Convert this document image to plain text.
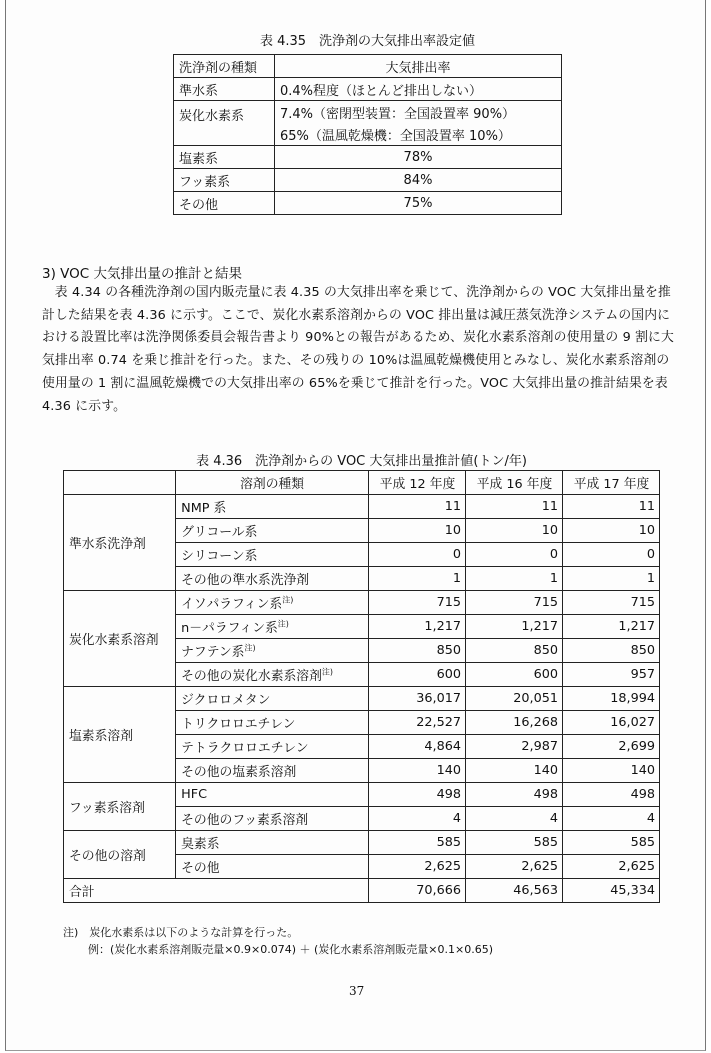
表 4.35　洗浄剤の大気排出率設定値
洗浄剤の種類	大気排出率
準水系	0.4%程度（ほとんど排出しない）
炭化水素系	7.4%（密閉型装置：全国設置率 90%）
	65%（温風乾燥機：全国設置率 10%）
塩素系	78%
フッ素系	84%
その他	75%
3) VOC 大気排出量の推計と結果
表 4.34 の各種洗浄剤の国内販売量に表 4.35 の大気排出率を乗じて、洗浄剤からの VOC 大気排出量を推計した結果を表 4.36 に示す。ここで、炭化水素系溶剤からの VOC 排出量は減圧蒸気洗浄システムの国内における設置比率は洗浄関係委員会報告書より 90%との報告があるため、炭化水素系溶剤の使用量の 9 割に大気排出率 0.74 を乗じ推計を行った。また、その残りの 10%は温風乾燥機使用とみなし、炭化水素系溶剤の使用量の 1 割に温風乾燥機での大気排出率の 65%を乗じて推計を行った。VOC 大気排出量の推計結果を表 4.36 に示す。
表 4.36　洗浄剤からの VOC 大気排出量推計値(トン/年)
	溶剤の種類	平成 12 年度	平成 16 年度	平成 17 年度
準水系洗浄剤	NMP 系	11	11	11
	グリコール系	10	10	10
	シリコーン系	0	0	0
	その他の準水系洗浄剤	1	1	1
炭化水素系溶剤	イソパラフィン系$^{注)}$	715	715	715
	n－パラフィン系$^{注)}$	1,217	1,217	1,217
	ナフテン系$^{注)}$	850	850	850
	その他の炭化水素系溶剤$^{注)}$	600	600	957
塩素系溶剤	ジクロロメタン	36,017	20,051	18,994
	トリクロロエチレン	22,527	16,268	16,027
	テトラクロロエチレン	4,864	2,987	2,699
	その他の塩素系溶剤	140	140	140
フッ素系溶剤	HFC	498	498	498
	その他のフッ素系溶剤	4	4	4
その他の溶剤	臭素系	585	585	585
	その他	2,625	2,625	2,625
合計		70,666	46,563	45,334
注)　炭化水素系は以下のような計算を行った。
例：(炭化水素系溶剤販売量×0.9×0.074) ＋ (炭化水素系溶剤販売量×0.1×0.65)
37
